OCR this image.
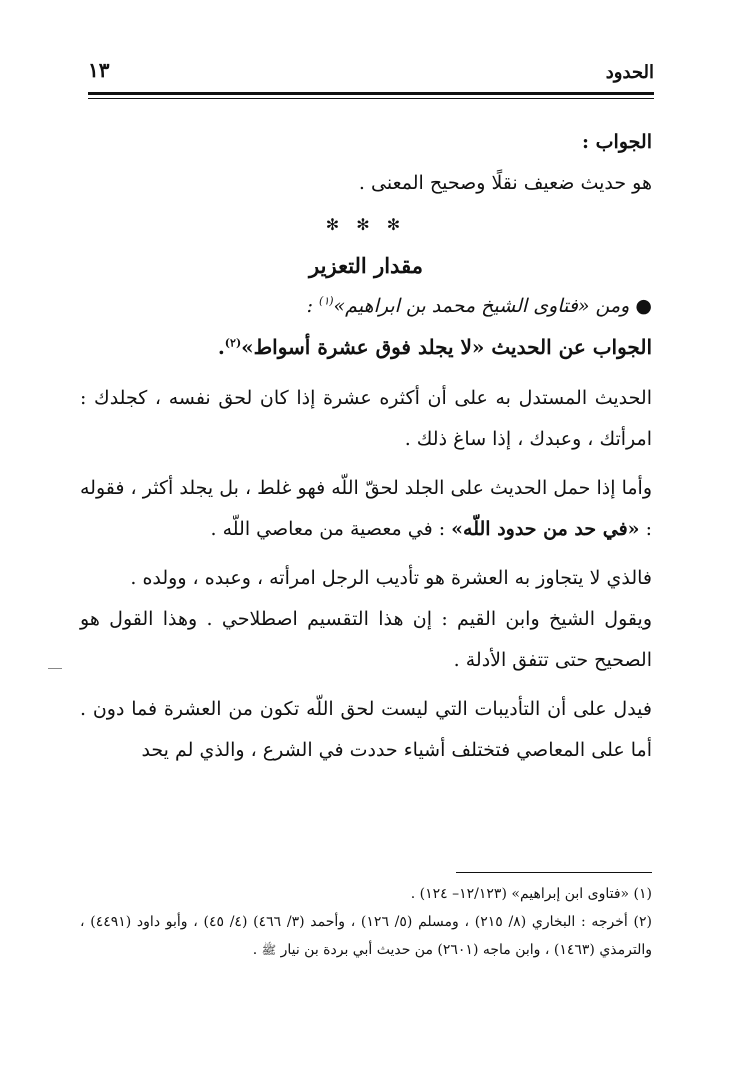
الحدود
١٣

الجواب :

هو حديث ضعيف نقلًا وصحيح المعنى .

✻ ✻ ✻

مقدار التعزير

● ومن «فتاوى الشيخ محمد بن ابراهيم»$^{(١)}$ :

الجواب عن الحديث «لا يجلد فوق عشرة أسواط»$^{(٢)}$.

الحديث المستدل به على أن أكثره عشرة إذا كان لحق نفسه ، كجلدك : امرأتك ، وعبدك ، إذا ساغ ذلك .

وأما إذا حمل الحديث على الجلد لحقّ اللّه فهو غلط ، بل يجلد أكثر ، فقوله : «في حد من حدود اللّه» : في معصية من معاصي اللّه .

فالذي لا يتجاوز به العشرة هو تأديب الرجل امرأته ، وعبده ، وولده .

ويقول الشيخ وابن القيم : إن هذا التقسيم اصطلاحي . وهذا القول هو الصحيح حتى تتفق الأدلة .

فيدل على أن التأديبات التي ليست لحق اللّه تكون من العشرة فما دون . أما على المعاصي فتختلف أشياء حددت في الشرع ، والذي لم يحد

(١) «فتاوى ابن إبراهيم» (١٢/١٢٣– ١٢٤) .

(٢) أخرجه : البخاري (٨/ ٢١٥) ، ومسلم (٥/ ١٢٦) ، وأحمد (٣/ ٤٦٦) (٤/ ٤٥) ، وأبو داود (٤٤٩١) ، والترمذي (١٤٦٣) ، وابن ماجه (٢٦٠١) من حديث أبي بردة بن نيار ﷺ .
